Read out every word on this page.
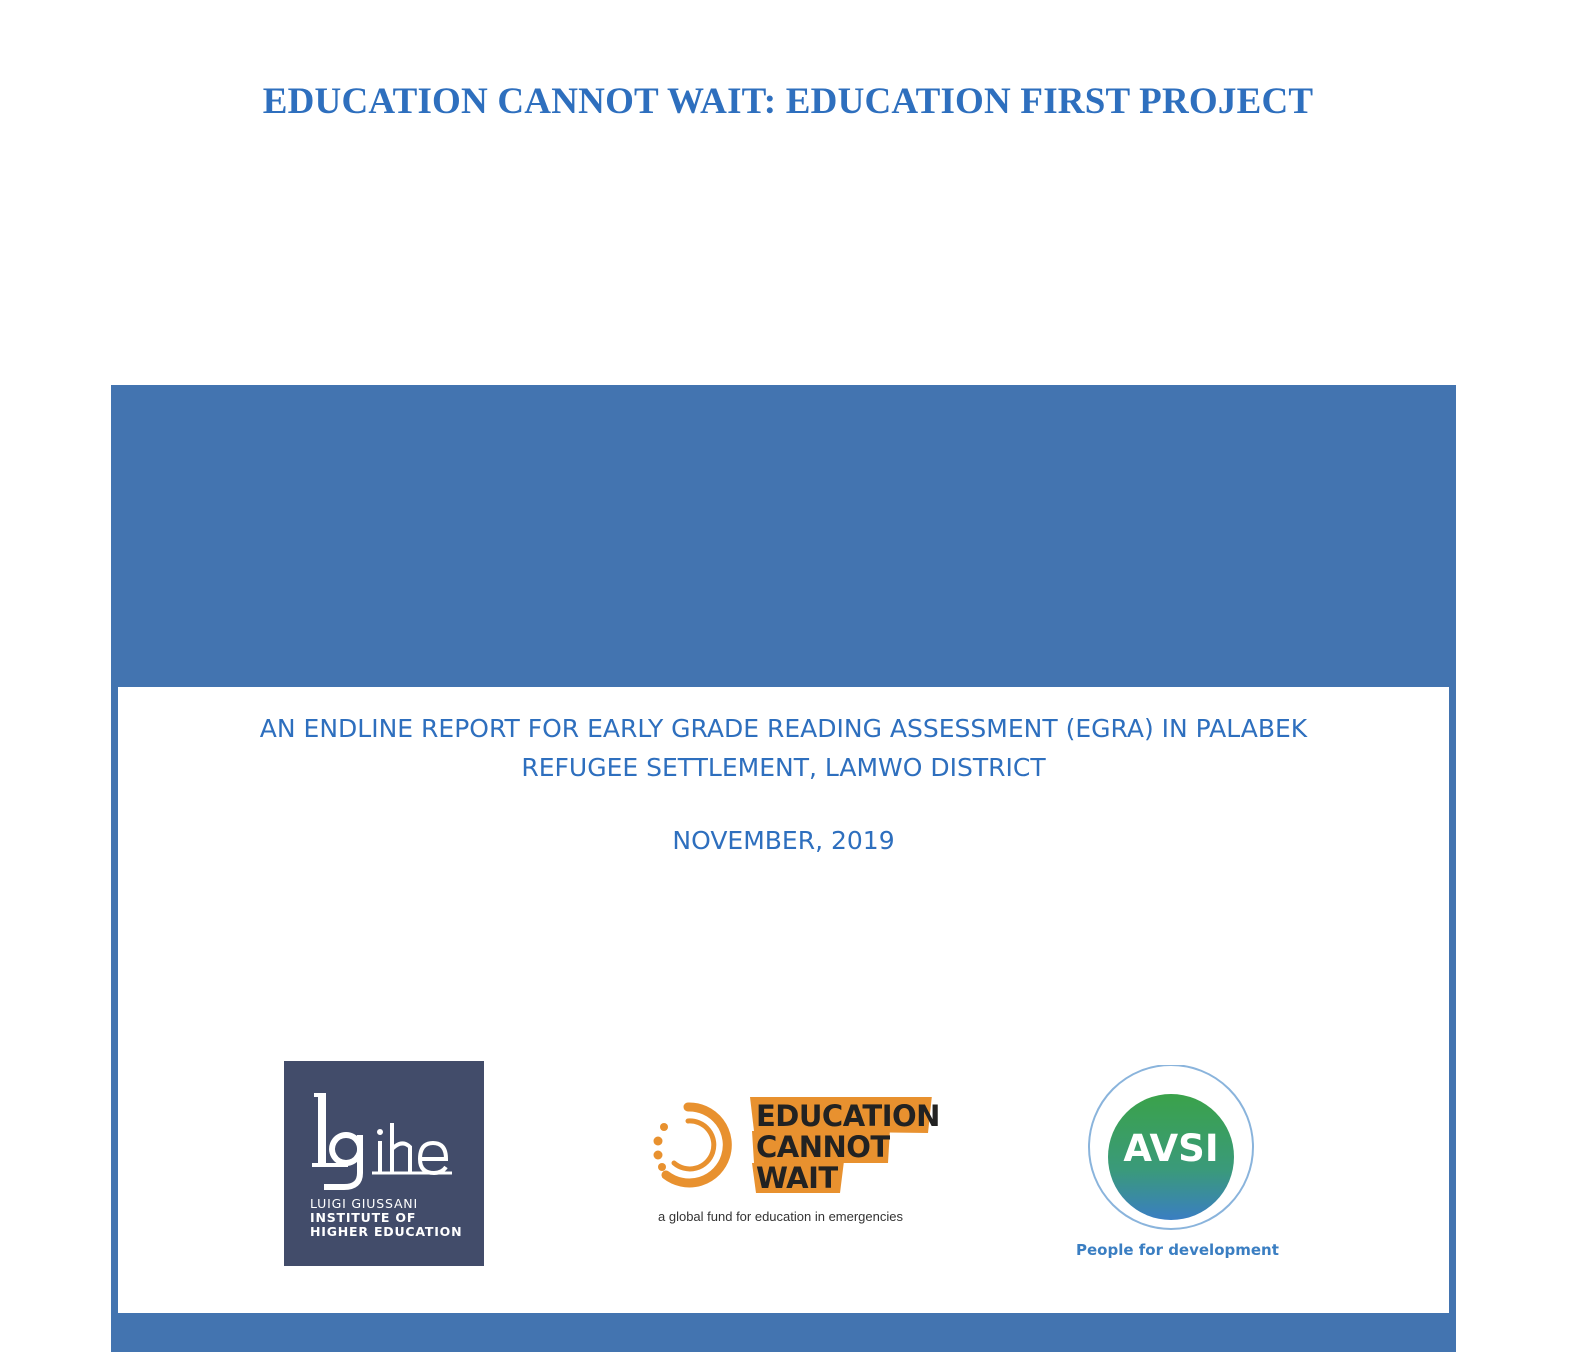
EDUCATION CANNOT WAIT: EDUCATION FIRST PROJECT
AN ENDLINE REPORT FOR EARLY GRADE READING ASSESSMENT (EGRA) IN PALABEK
REFUGEE SETTLEMENT, LAMWO DISTRICT
NOVEMBER, 2019
LUIGI GIUSSANI
INSTITUTE OF
HIGHER EDUCATION
EDUCATION
CANNOT
WAIT
a global fund for education in emergencies
AVSI
People for development
